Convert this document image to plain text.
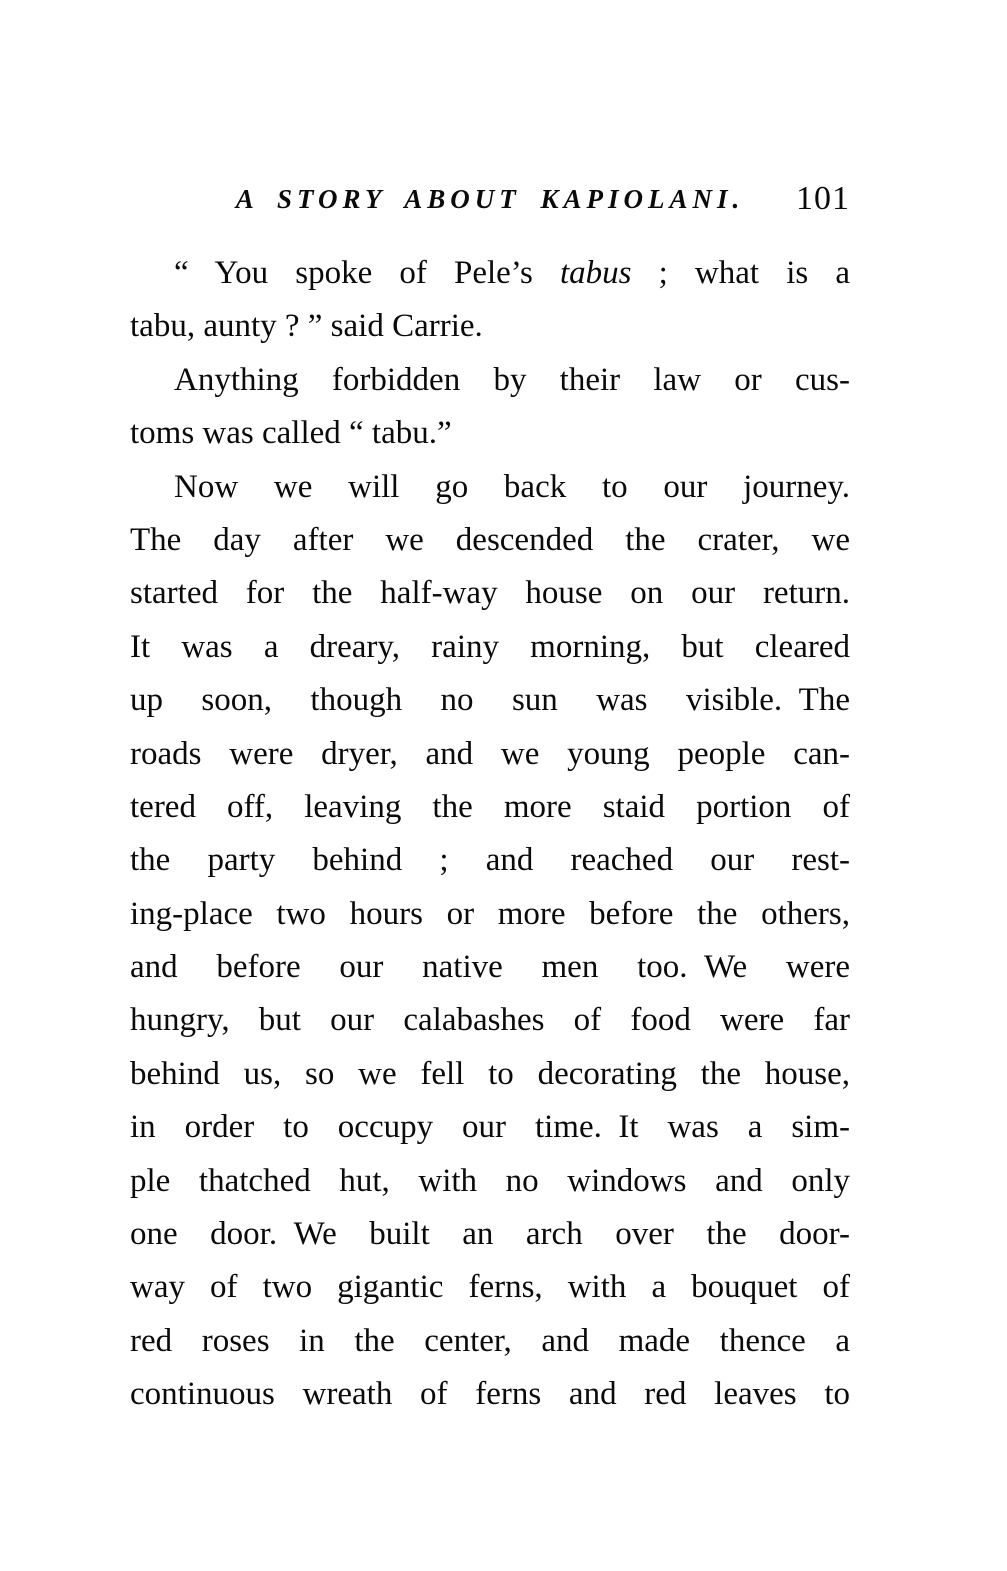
A STORY ABOUT KAPIOLANI.	101
“ You spoke of Pele’s tabus ; what is a
tabu, aunty ? ” said Carrie.
Anything forbidden by their law or cus-
toms was called “ tabu.”
Now we will go back to our journey.
The day after we descended the crater, we
started for the half-way house on our return.
It was a dreary, rainy morning, but cleared
up soon, though no sun was visible. The
roads were dryer, and we young people can-
tered off, leaving the more staid portion of
the party behind ; and reached our rest-
ing-place two hours or more before the others,
and before our native men too. We were
hungry, but our calabashes of food were far
behind us, so we fell to decorating the house,
in order to occupy our time. It was a sim-
ple thatched hut, with no windows and only
one door. We built an arch over the door-
way of two gigantic ferns, with a bouquet of
red roses in the center, and made thence a
continuous wreath of ferns and red leaves to
